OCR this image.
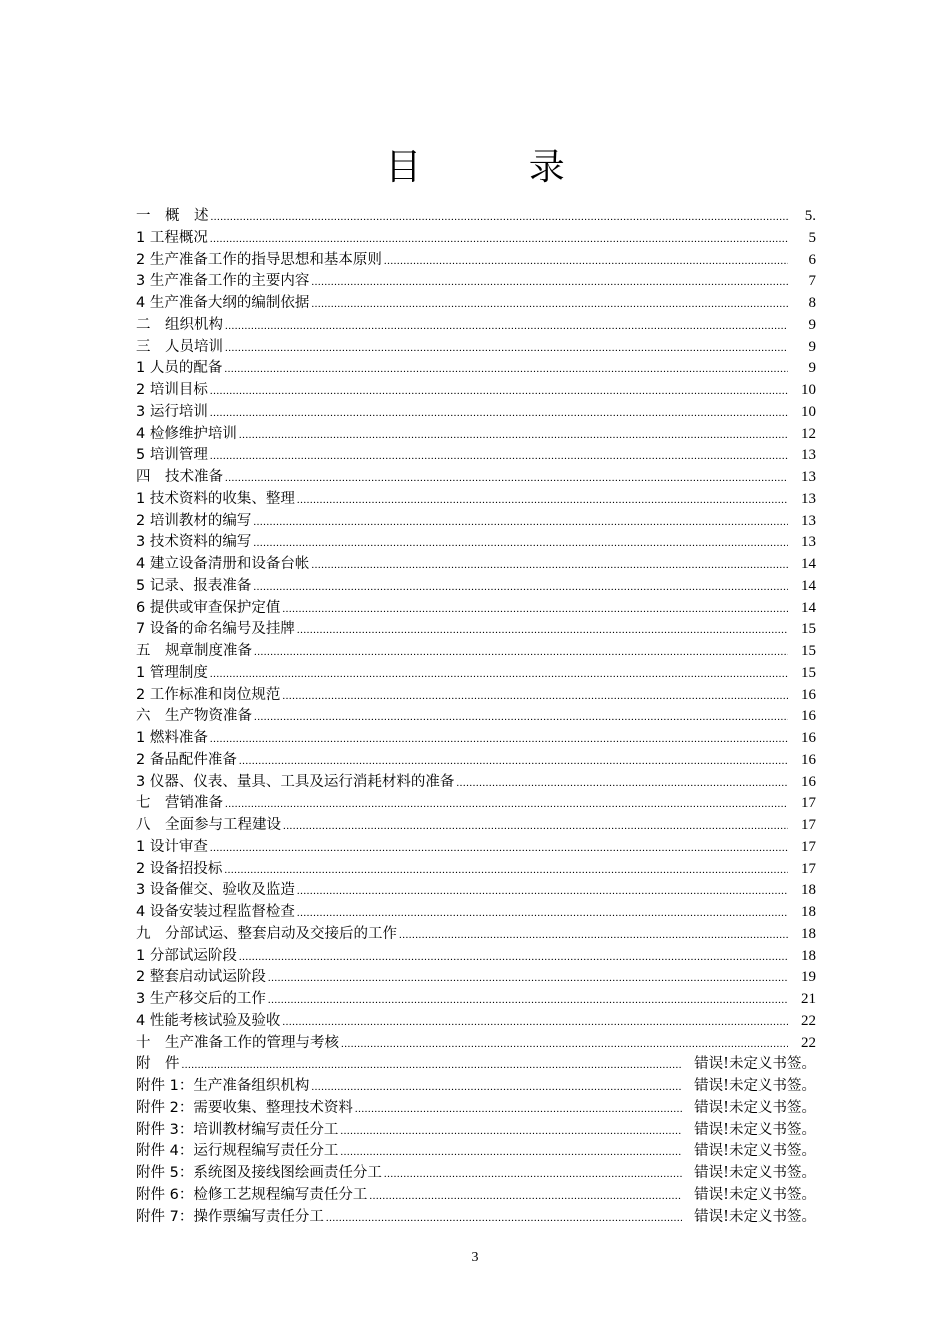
目 录
一　概　述 .....	5.
1 工程概况 .....	5
2 生产准备工作的指导思想和基本原则 .....	6
3 生产准备工作的主要内容 .....	7
4 生产准备大纲的编制依据 .....	8
二　组织机构 .....	9
三　人员培训 .....	9
1 人员的配备 .....	9
2 培训目标 .....	10
3 运行培训 .....	10
4 检修维护培训 .....	12
5 培训管理 .....	13
四　技术准备 .....	13
1 技术资料的收集、整理 .....	13
2 培训教材的编写 .....	13
3 技术资料的编写 .....	13
4 建立设备清册和设备台帐 .....	14
5 记录、报表准备 .....	14
6 提供或审查保护定值 .....	14
7 设备的命名编号及挂牌 .....	15
五　规章制度准备 .....	15
1 管理制度 .....	15
2 工作标准和岗位规范 .....	16
六　生产物资准备 .....	16
1 燃料准备 .....	16
2 备品配件准备 .....	16
3 仪器、仪表、量具、工具及运行消耗材料的准备 .....	16
七　营销准备 .....	17
八　全面参与工程建设 .....	17
1 设计审查 .....	17
2 设备招投标 .....	17
3 设备催交、验收及监造 .....	18
4 设备安装过程监督检查 .....	18
九　分部试运、整套启动及交接后的工作 .....	18
1 分部试运阶段 .....	18
2 整套启动试运阶段 .....	19
3 生产移交后的工作 .....	21
4 性能考核试验及验收 .....	22
十　生产准备工作的管理与考核 .....	22
附　件 .....	错误!未定义书签。
附件 1：生产准备组织机构 .....	错误!未定义书签。
附件 2：需要收集、整理技术资料 .....	错误!未定义书签。
附件 3：培训教材编写责任分工 .....	错误!未定义书签。
附件 4：运行规程编写责任分工 .....	错误!未定义书签。
附件 5：系统图及接线图绘画责任分工 .....	错误!未定义书签。
附件 6：检修工艺规程编写责任分工 .....	错误!未定义书签。
附件 7：操作票编写责任分工 .....	错误!未定义书签。
3
